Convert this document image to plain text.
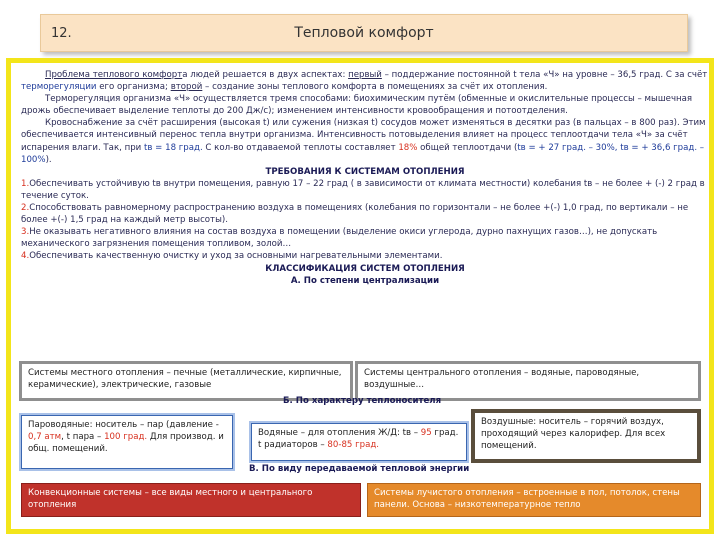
12.	Тепловой комфорт

Проблема теплового комфорта людей решается в двух аспектах: первый – поддержание постоянной t тела «Ч» на уровне – 36,5 град. С за счёт терморегуляции его организма; второй – создание зоны теплового комфорта в помещениях за счёт их отопления.

Терморегуляция организма «Ч» осуществляется тремя способами: биохимическим путём (обменные и окислительные процессы – мышечная дрожь обеспечивает выделение теплоты до 200 Дж/с); изменением интенсивности кровообращения и потоотделения.

Кровоснабжение за счёт расширения (высокая t) или сужения (низкая t) сосудов может изменяться в десятки раз (в пальцах – в 800 раз). Этим обеспечивается интенсивный перенос тепла внутри организма. Интенсивность потовыделения влияет на процесс теплоотдачи тела «Ч» за счёт испарения влаги. Так, при tв = 18 град. С кол-во отдаваемой теплоты составляет 18% общей теплоотдачи (tв = + 27 град. – 30%, tв = + 36,6 град. – 100%).

ТРЕБОВАНИЯ К СИСТЕМАМ ОТОПЛЕНИЯ

1.Обеспечивать устойчивую tв внутри помещения, равную 17 – 22 град ( в зависимости от климата местности) колебания tв – не более + (-) 2 град в течение суток.

2.Способствовать равномерному распространению воздуха в помещениях (колебания по горизонтали – не более +(-) 1,0 град, по вертикали – не более +(-) 1,5 град на каждый метр высоты).

3.Не оказывать негативного влияния на состав воздуха в помещении (выделение окиси углерода, дурно пахнущих газов…), не допускать механического загрязнения помещения топливом, золой…

4.Обеспечивать качественную очистку и уход за основными нагревательными элементами.

КЛАССИФИКАЦИЯ СИСТЕМ ОТОПЛЕНИЯ

А. По степени централизации

Системы местного отопления – печные (металлические, кирпичные, керамические), электрические, газовые
Системы центрального отопления – водяные, пароводяные, воздушные…
Б. По характеру теплоносителя
Пароводяные: носитель – пар (давление - 0,7 атм, t пара – 100 град. Для производ. и общ. помещений.
Водяные – для отопления Ж/Д: tв – 95 град. t радиаторов – 80-85 град.
Воздушные: носитель – горячий воздух, проходящий через калорифер. Для всех помещений.
В. По виду передаваемой тепловой энергии
Конвекционные системы – все виды местного и центрального отопления
Системы лучистого отопления – встроенные в пол, потолок, стены панели. Основа – низкотемпературное тепло
